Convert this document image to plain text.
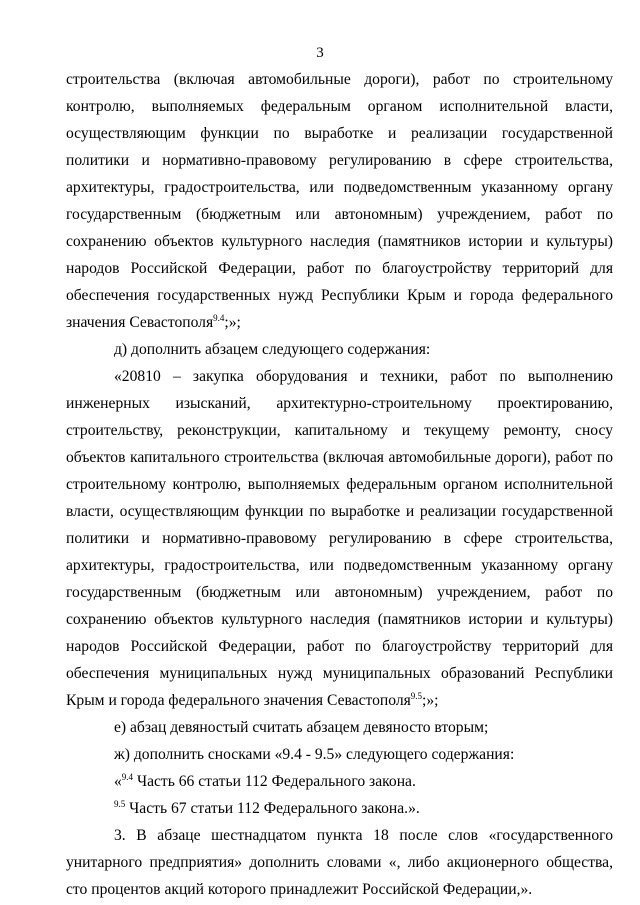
3

строительства (включая автомобильные дороги), работ по строительному контролю, выполняемых федеральным органом исполнительной власти, осуществляющим функции по выработке и реализации государственной политики и нормативно-правовому регулированию в сфере строительства, архитектуры, градостроительства, или подведомственным указанному органу государственным (бюджетным или автономным) учреждением, работ по сохранению объектов культурного наследия (памятников истории и культуры) народов Российской Федерации, работ по благоустройству территорий для обеспечения государственных нужд Республики Крым и города федерального значения Севастополя$^{9.4}$;»;

д) дополнить абзацем следующего содержания:

«20810 – закупка оборудования и техники, работ по выполнению инженерных изысканий, архитектурно-строительному проектированию, строительству, реконструкции, капитальному и текущему ремонту, сносу объектов капитального строительства (включая автомобильные дороги), работ по строительному контролю, выполняемых федеральным органом исполнительной власти, осуществляющим функции по выработке и реализации государственной политики и нормативно-правовому регулированию в сфере строительства, архитектуры, градостроительства, или подведомственным указанному органу государственным (бюджетным или автономным) учреждением, работ по сохранению объектов культурного наследия (памятников истории и культуры) народов Российской Федерации, работ по благоустройству территорий для обеспечения муниципальных нужд муниципальных образований Республики Крым и города федерального значения Севастополя$^{9.5}$;»;

е) абзац девяностый считать абзацем девяносто вторым;

ж) дополнить сносками «9.4 - 9.5» следующего содержания:

«$^{9.4}$ Часть 66 статьи 112 Федерального закона.

$^{9.5}$ Часть 67 статьи 112 Федерального закона.».

3. В абзаце шестнадцатом пункта 18 после слов «государственного унитарного предприятия» дополнить словами «, либо акционерного общества, сто процентов акций которого принадлежит Российской Федерации,».
